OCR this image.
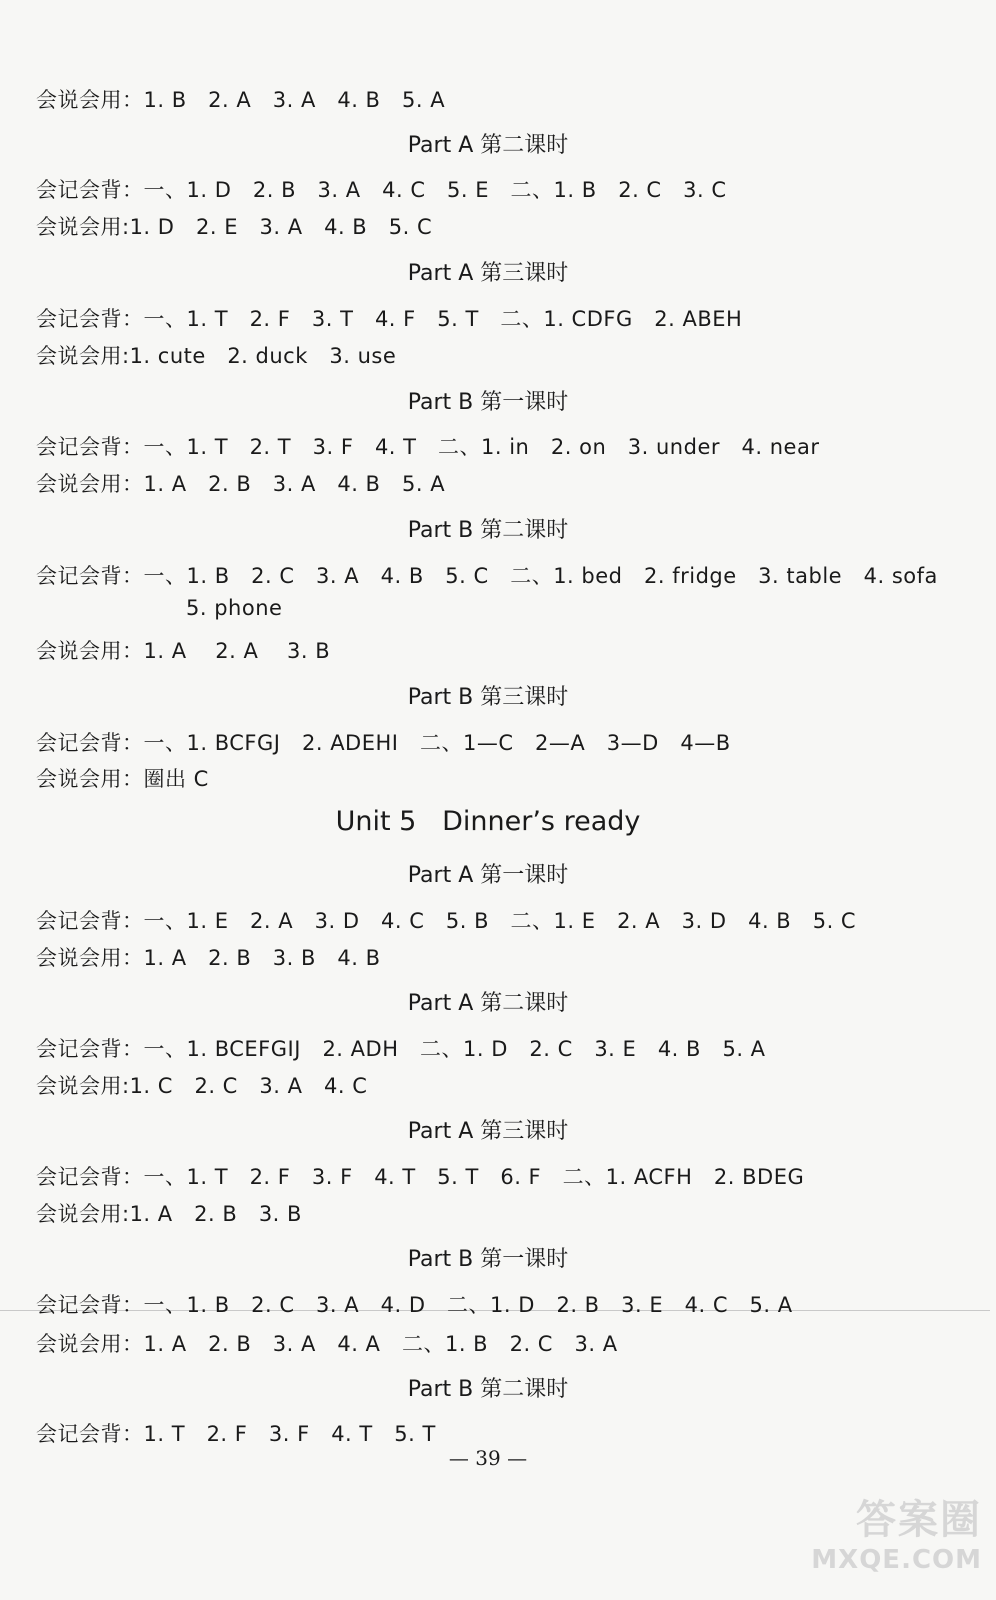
— 39 —
答案圈
MXQE.COM
会说会用：1. B   2. A   3. A   4. B   5. A
Part A 第二课时
会记会背：一、1. D   2. B   3. A   4. C   5. E   二、1. B   2. C   3. C
会说会用:1. D   2. E   3. A   4. B   5. C
Part A 第三课时
会记会背：一、1. T   2. F   3. T   4. F   5. T   二、1. CDFG   2. ABEH
会说会用:1. cute   2. duck   3. use
Part B 第一课时
会记会背：一、1. T   2. T   3. F   4. T   二、1. in   2. on   3. under   4. near
会说会用：1. A   2. B   3. A   4. B   5. A
Part B 第二课时
会记会背：一、1. B   2. C   3. A   4. B   5. C   二、1. bed   2. fridge   3. table   4. sofa
5. phone
会说会用：1. A    2. A    3. B
Part B 第三课时
会记会背：一、1. BCFGJ   2. ADEHI   二、1—C   2—A   3—D   4—B
会说会用：圈出 C
Unit 5   Dinner’s ready
Part A 第一课时
会记会背：一、1. E   2. A   3. D   4. C   5. B   二、1. E   2. A   3. D   4. B   5. C
会说会用：1. A   2. B   3. B   4. B
Part A 第二课时
会记会背：一、1. BCEFGIJ   2. ADH   二、1. D   2. C   3. E   4. B   5. A
会说会用:1. C   2. C   3. A   4. C
Part A 第三课时
会记会背：一、1. T   2. F   3. F   4. T   5. T   6. F   二、1. ACFH   2. BDEG
会说会用:1. A   2. B   3. B
Part B 第一课时
会记会背：一、1. B   2. C   3. A   4. D   二、1. D   2. B   3. E   4. C   5. A
会说会用：1. A   2. B   3. A   4. A   二、1. B   2. C   3. A
Part B 第二课时
会记会背：1. T   2. F   3. F   4. T   5. T
